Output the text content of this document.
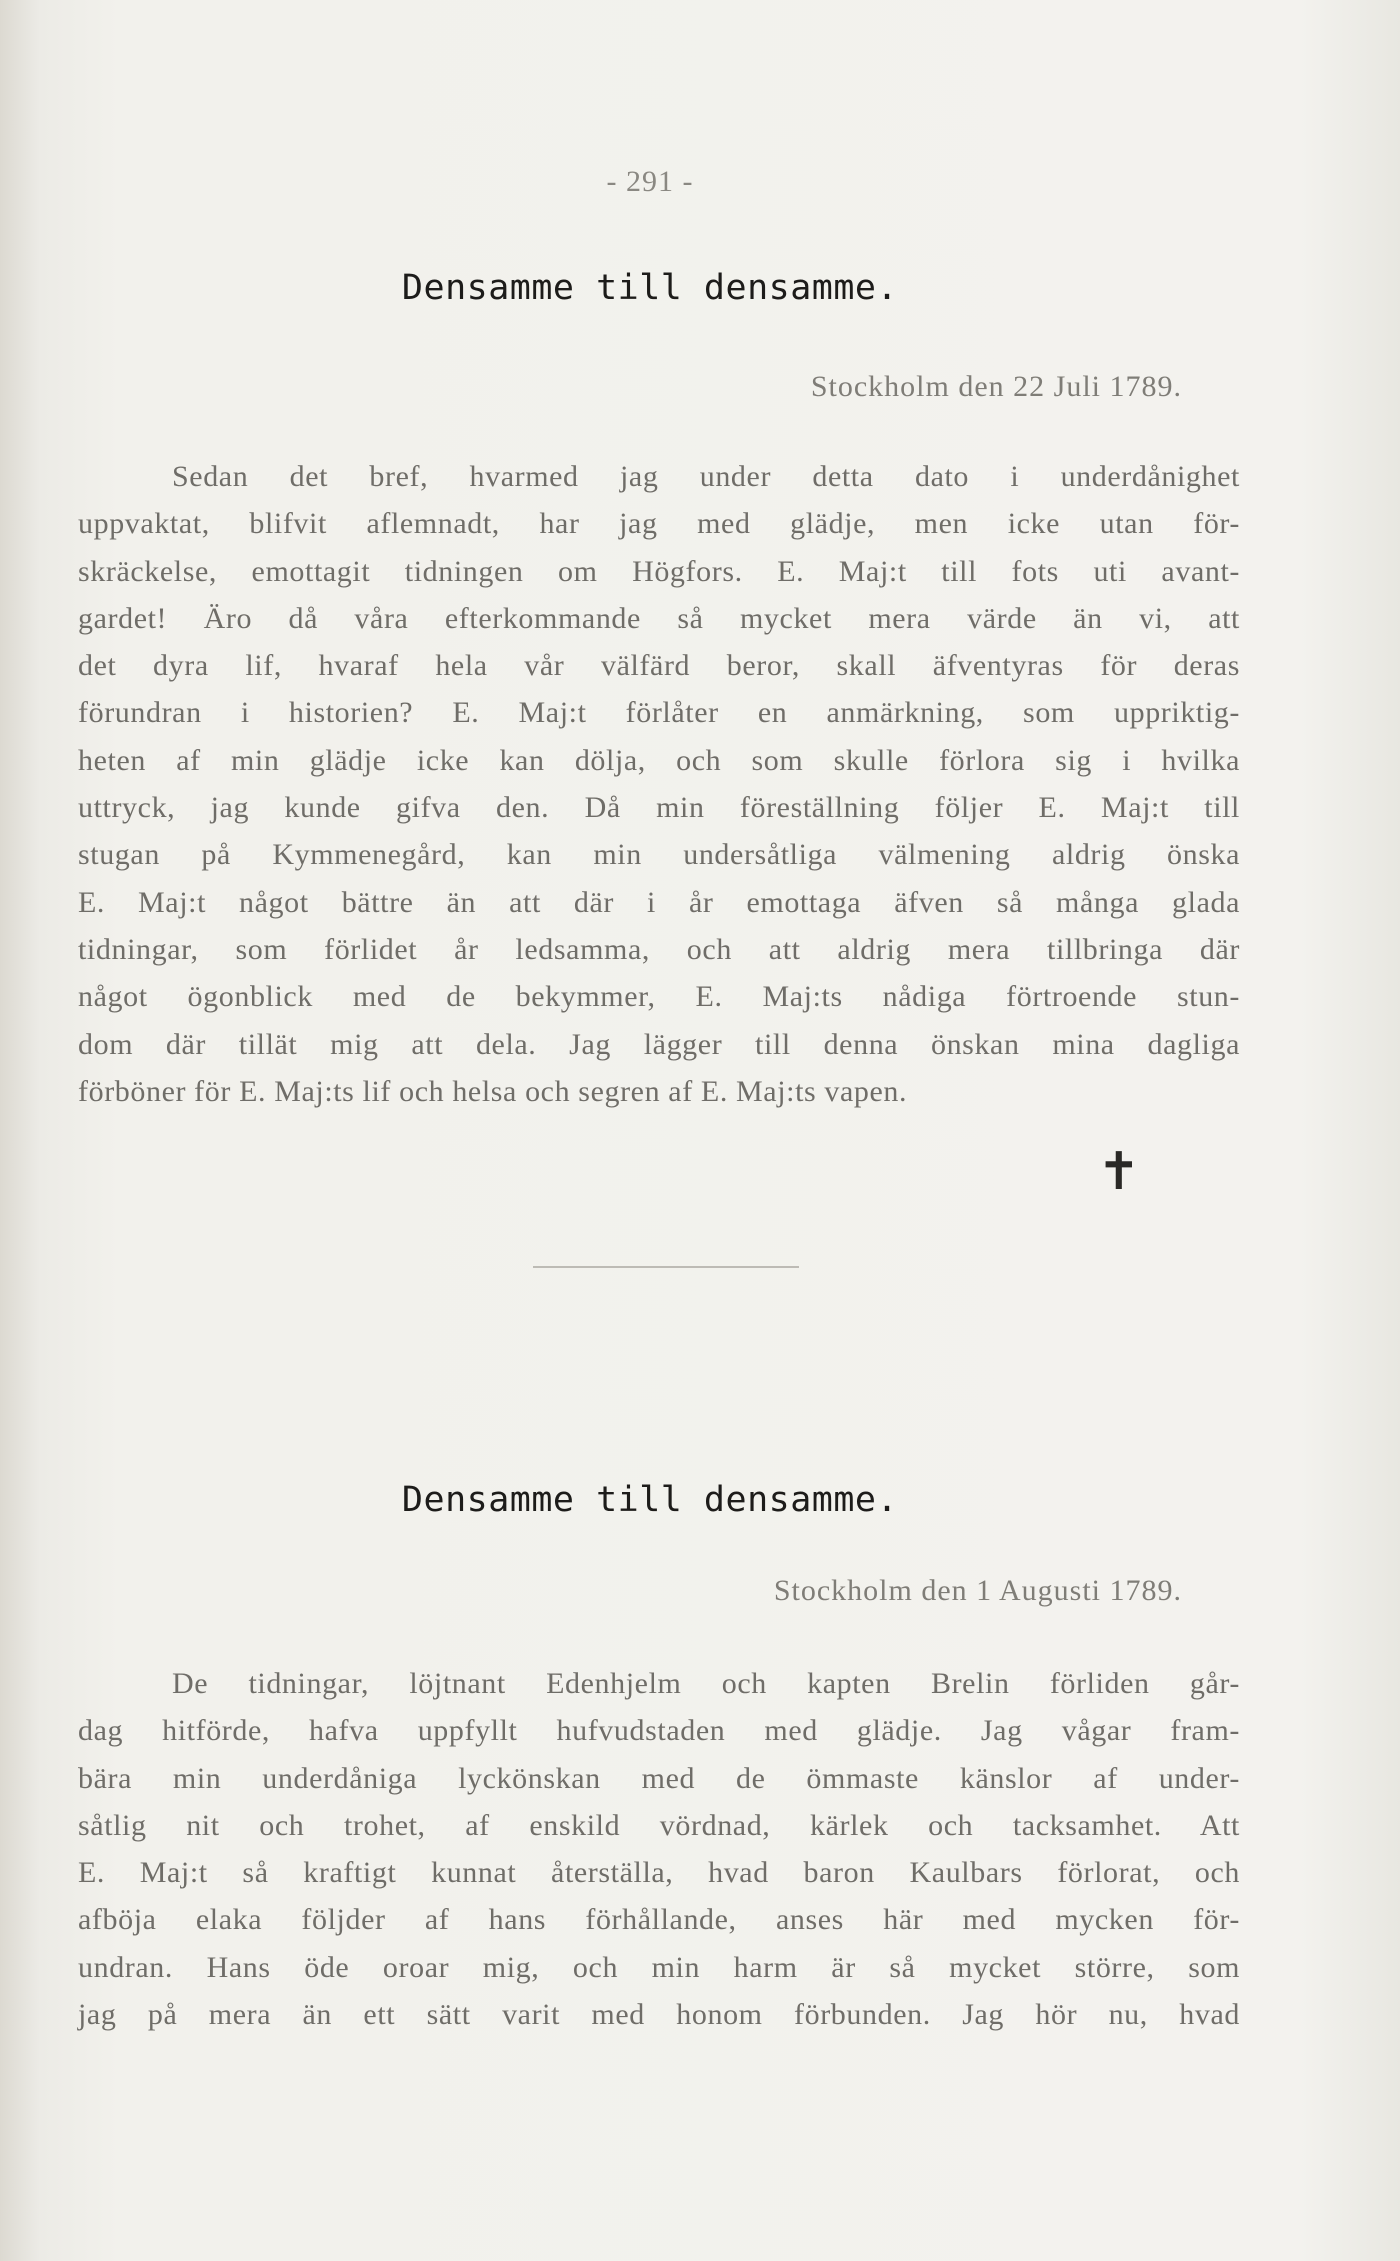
- 291 -
Densamme till densamme.
Stockholm den 22 Juli 1789.
Sedan det bref, hvarmed jag under detta dato i underdånighet
uppvaktat, blifvit aflemnadt, har jag med glädje, men icke utan för-
skräckelse, emottagit tidningen om Högfors. E. Maj:t till fots uti avant-
gardet! Äro då våra efterkommande så mycket mera värde än vi, att
det dyra lif, hvaraf hela vår välfärd beror, skall äfventyras för deras
förundran i historien? E. Maj:t förlåter en anmärkning, som uppriktig-
heten af min glädje icke kan dölja, och som skulle förlora sig i hvilka
uttryck, jag kunde gifva den. Då min föreställning följer E. Maj:t till
stugan på Kymmenegård, kan min undersåtliga välmening aldrig önska
E. Maj:t något bättre än att där i år emottaga äfven så många glada
tidningar, som förlidet år ledsamma, och att aldrig mera tillbringa där
något ögonblick med de bekymmer, E. Maj:ts nådiga förtroende stun-
dom där tillät mig att dela. Jag lägger till denna önskan mina dagliga
förböner för E. Maj:ts lif och helsa och segren af E. Maj:ts vapen.
✝
Densamme till densamme.
Stockholm den 1 Augusti 1789.
De tidningar, löjtnant Edenhjelm och kapten Brelin förliden går-
dag hitförde, hafva uppfyllt hufvudstaden med glädje. Jag vågar fram-
bära min underdåniga lyckönskan med de ömmaste känslor af under-
såtlig nit och trohet, af enskild vördnad, kärlek och tacksamhet. Att
E. Maj:t så kraftigt kunnat återställa, hvad baron Kaulbars förlorat, och
afböja elaka följder af hans förhållande, anses här med mycken för-
undran. Hans öde oroar mig, och min harm är så mycket större, som
jag på mera än ett sätt varit med honom förbunden. Jag hör nu, hvad
